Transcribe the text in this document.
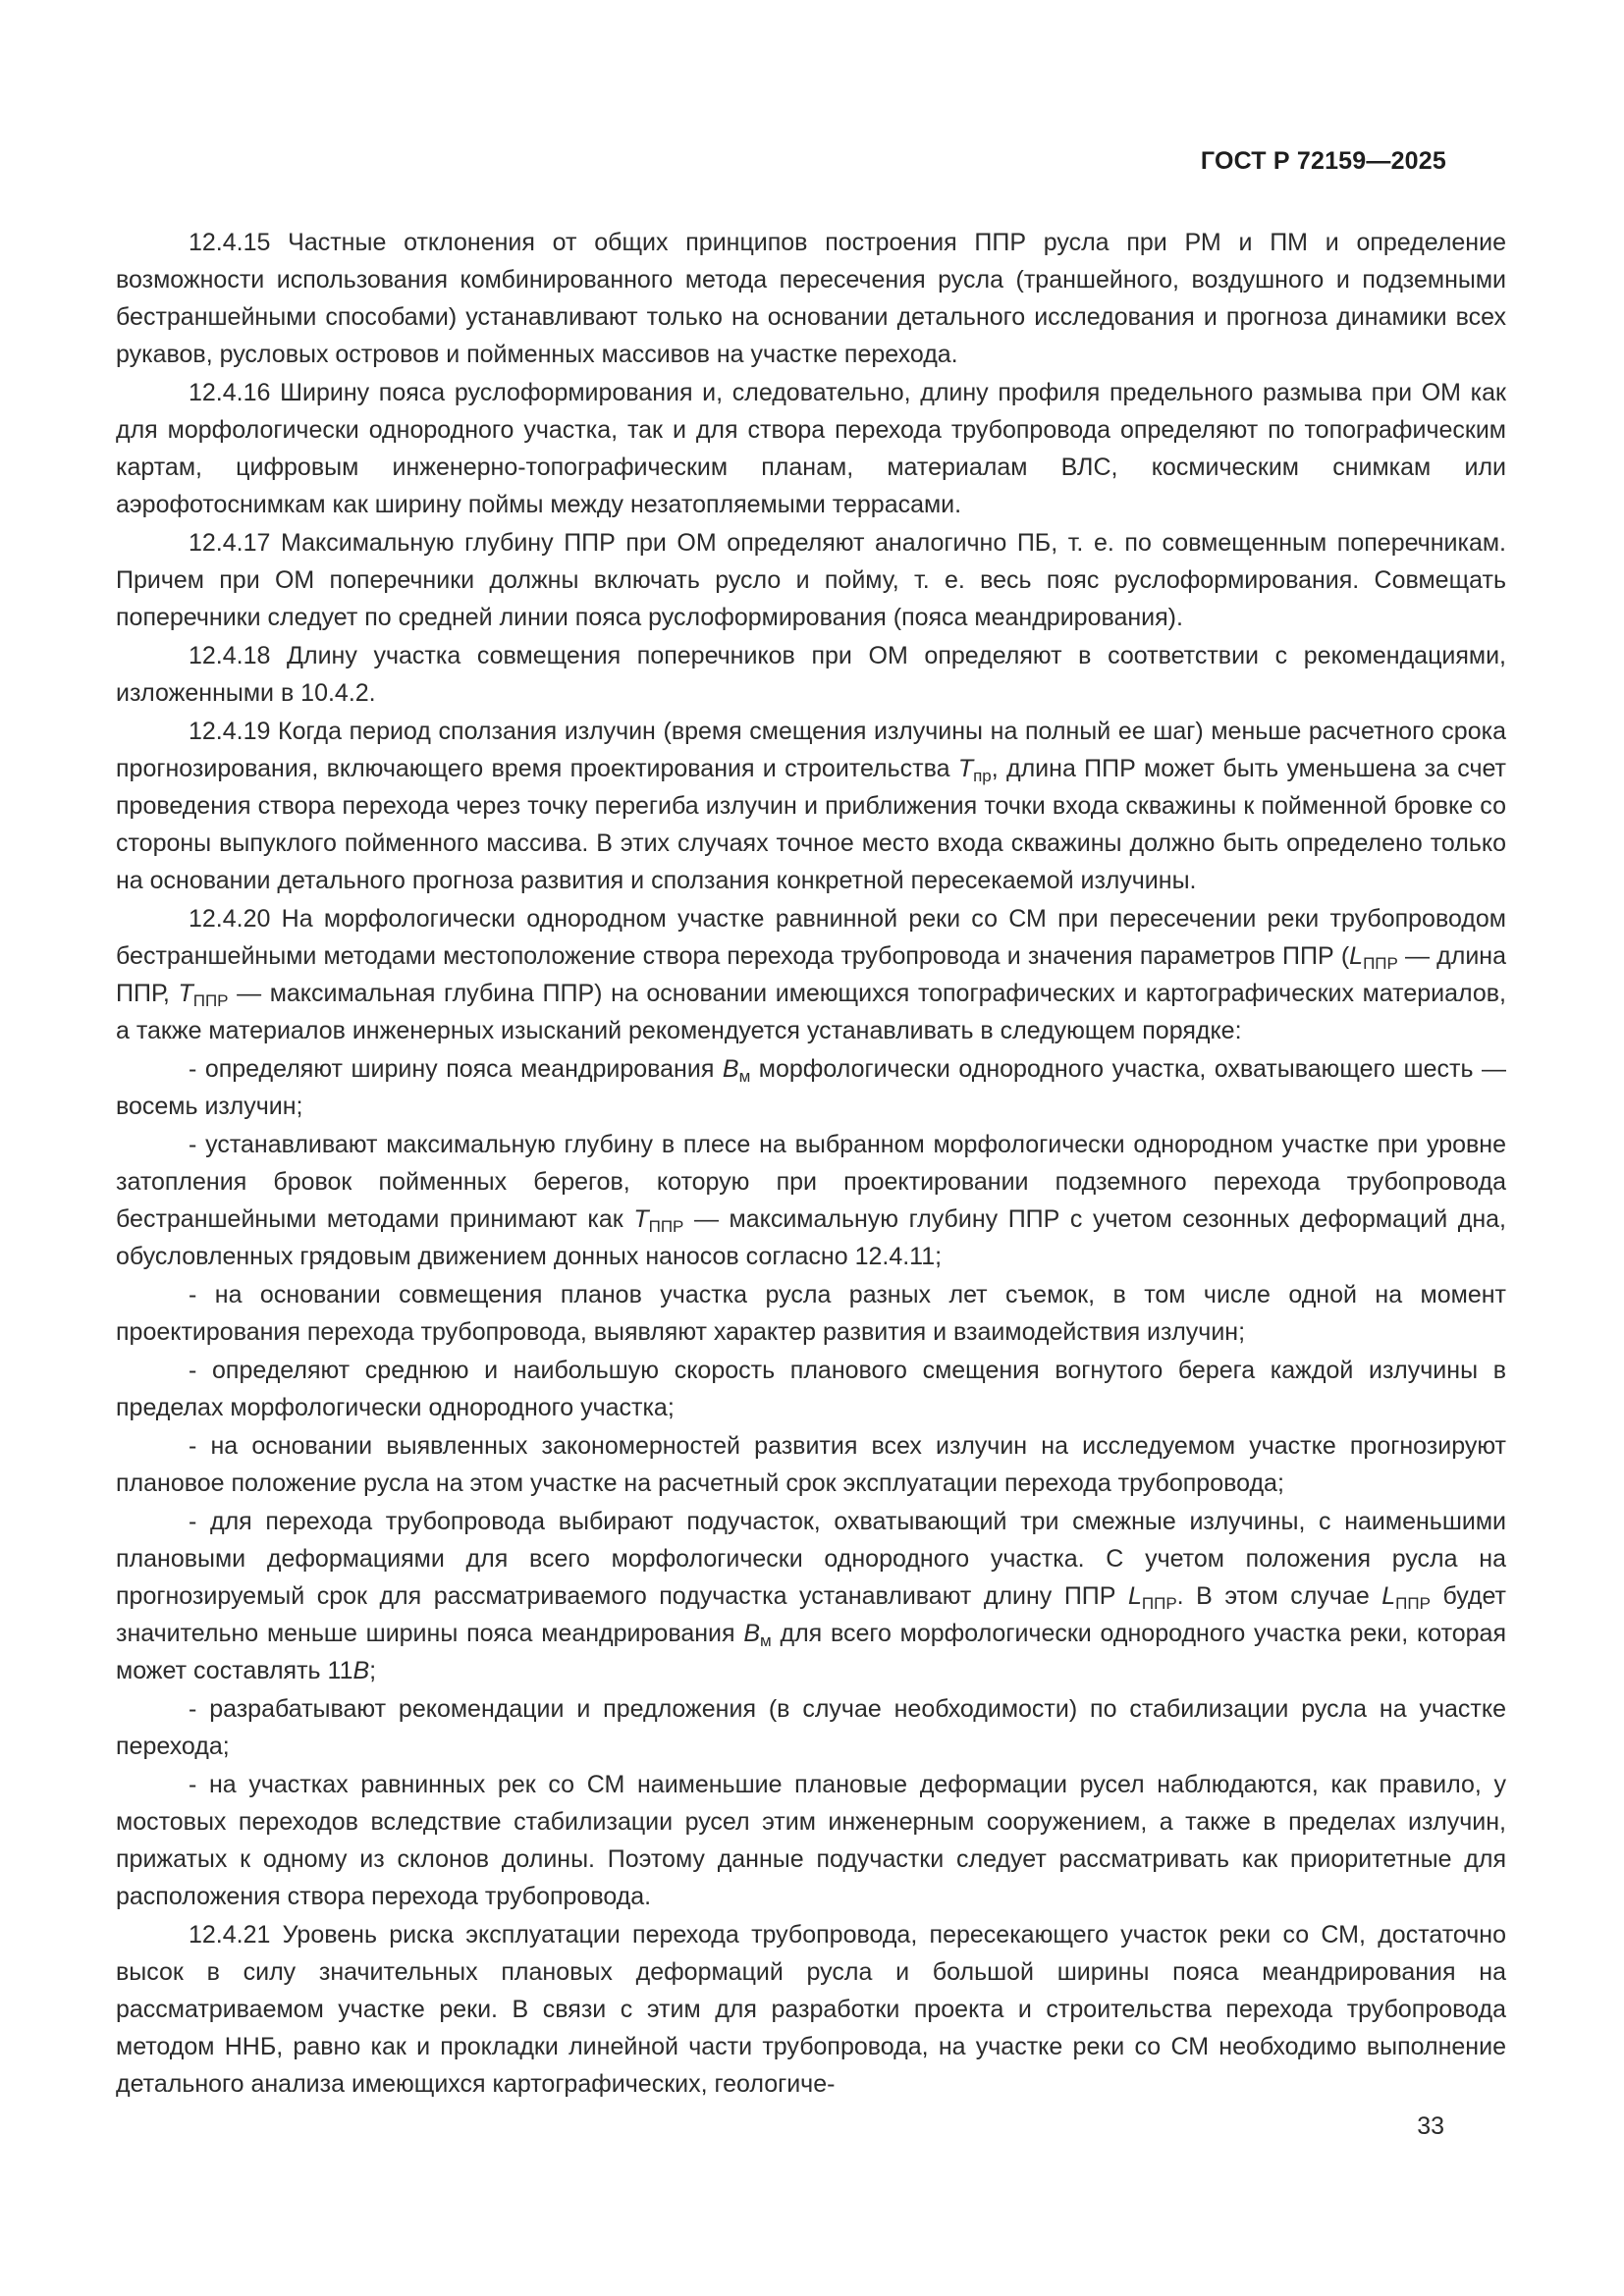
ГОСТ Р 72159—2025

12.4.15 Частные отклонения от общих принципов построения ППР русла при РМ и ПМ и определение возможности использования комбинированного метода пересечения русла (траншейного, воздушного и подземными бестраншейными способами) устанавливают только на основании детального исследования и прогноза динамики всех рукавов, русловых островов и пойменных массивов на участке перехода.

12.4.16 Ширину пояса руслоформирования и, следовательно, длину профиля предельного размыва при ОМ как для морфологически однородного участка, так и для створа перехода трубопровода определяют по топографическим картам, цифровым инженерно-топографическим планам, материалам ВЛС, космическим снимкам или аэрофотоснимкам как ширину поймы между незатопляемыми террасами.

12.4.17 Максимальную глубину ППР при ОМ определяют аналогично ПБ, т. е. по совмещенным поперечникам. Причем при ОМ поперечники должны включать русло и пойму, т. е. весь пояс руслоформирования. Совмещать поперечники следует по средней линии пояса руслоформирования (пояса меандрирования).

12.4.18 Длину участка совмещения поперечников при ОМ определяют в соответствии с рекомендациями, изложенными в 10.4.2.

12.4.19 Когда период сползания излучин (время смещения излучины на полный ее шаг) меньше расчетного срока прогнозирования, включающего время проектирования и строительства $T_{пр}$, длина ППР может быть уменьшена за счет проведения створа перехода через точку перегиба излучин и приближения точки входа скважины к пойменной бровке со стороны выпуклого пойменного массива. В этих случаях точное место входа скважины должно быть определено только на основании детального прогноза развития и сползания конкретной пересекаемой излучины.

12.4.20 На морфологически однородном участке равнинной реки со СМ при пересечении реки трубопроводом бестраншейными методами местоположение створа перехода трубопровода и значения параметров ППР ($L_{ППР}$ — длина ППР, $T_{ППР}$ — максимальная глубина ППР) на основании имеющихся топографических и картографических материалов, а также материалов инженерных изысканий рекомендуется устанавливать в следующем порядке:

- определяют ширину пояса меандрирования $B_м$ морфологически однородного участка, охватывающего шесть — восемь излучин;

- устанавливают максимальную глубину в плесе на выбранном морфологически однородном участке при уровне затопления бровок пойменных берегов, которую при проектировании подземного перехода трубопровода бестраншейными методами принимают как $T_{ППР}$ — максимальную глубину ППР с учетом сезонных деформаций дна, обусловленных грядовым движением донных наносов согласно 12.4.11;

- на основании совмещения планов участка русла разных лет съемок, в том числе одной на момент проектирования перехода трубопровода, выявляют характер развития и взаимодействия излучин;

- определяют среднюю и наибольшую скорость планового смещения вогнутого берега каждой излучины в пределах морфологически однородного участка;

- на основании выявленных закономерностей развития всех излучин на исследуемом участке прогнозируют плановое положение русла на этом участке на расчетный срок эксплуатации перехода трубопровода;

- для перехода трубопровода выбирают подучасток, охватывающий три смежные излучины, с наименьшими плановыми деформациями для всего морфологически однородного участка. С учетом положения русла на прогнозируемый срок для рассматриваемого подучастка устанавливают длину ППР $L_{ППР}$. В этом случае $L_{ППР}$ будет значительно меньше ширины пояса меандрирования $B_м$ для всего морфологически однородного участка реки, которая может составлять 11B;

- разрабатывают рекомендации и предложения (в случае необходимости) по стабилизации русла на участке перехода;

- на участках равнинных рек со СМ наименьшие плановые деформации русел наблюдаются, как правило, у мостовых переходов вследствие стабилизации русел этим инженерным сооружением, а также в пределах излучин, прижатых к одному из склонов долины. Поэтому данные подучастки следует рассматривать как приоритетные для расположения створа перехода трубопровода.

12.4.21 Уровень риска эксплуатации перехода трубопровода, пересекающего участок реки со СМ, достаточно высок в силу значительных плановых деформаций русла и большой ширины пояса меандрирования на рассматриваемом участке реки. В связи с этим для разработки проекта и строительства перехода трубопровода методом ННБ, равно как и прокладки линейной части трубопровода, на участке реки со СМ необходимо выполнение детального анализа имеющихся картографических, геологиче-

33
